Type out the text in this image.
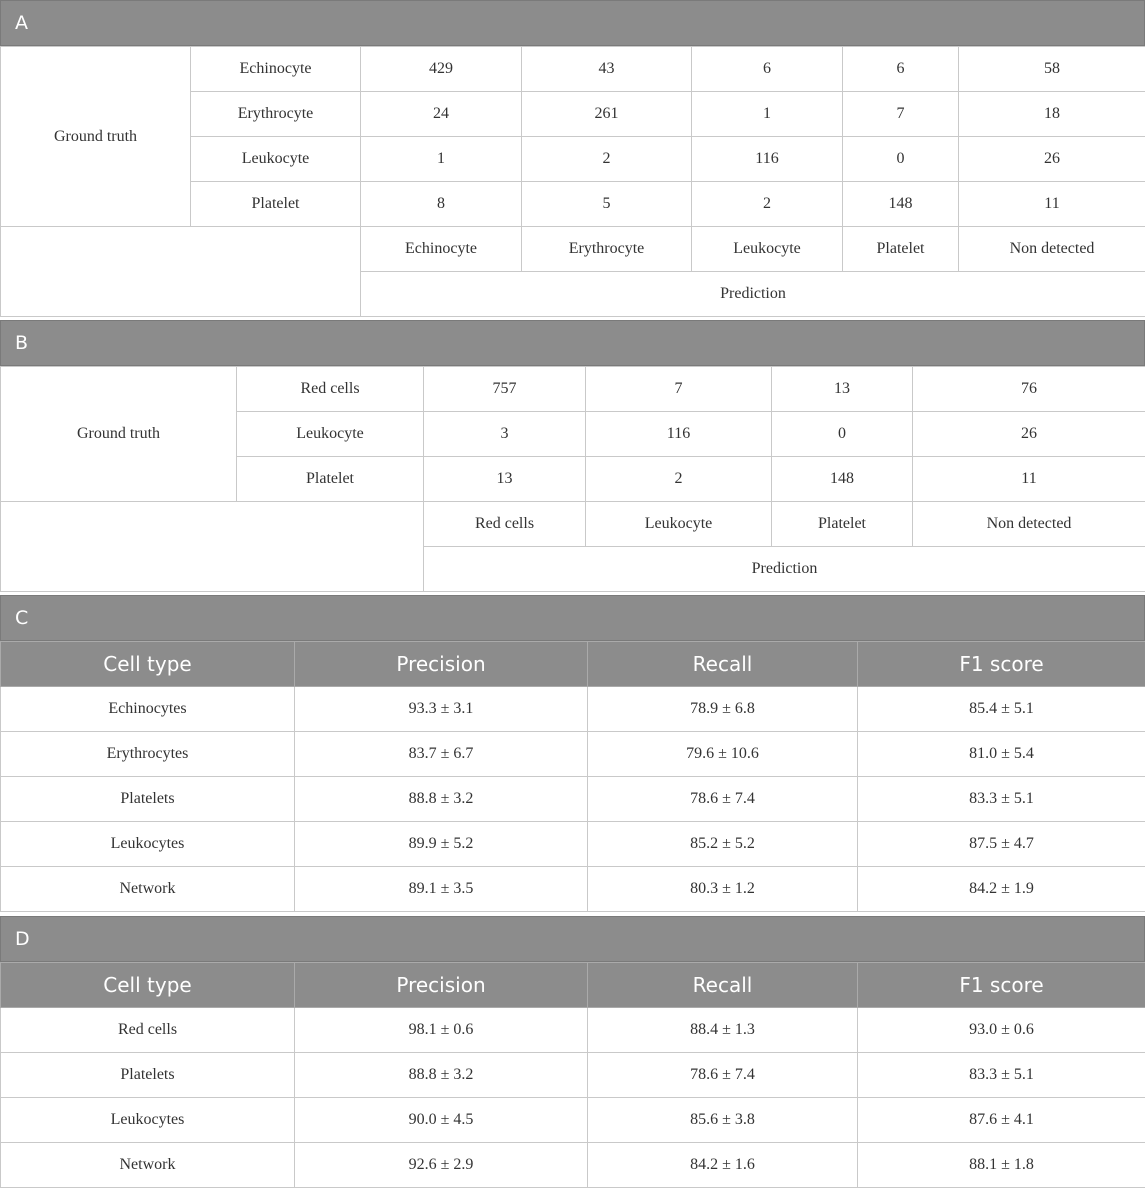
A
Ground truth	Echinocyte	429	43	6	6	58
	Erythrocyte	24	261	1	7	18
	Leukocyte	1	2	116	0	26
	Platelet	8	5	2	148	11
		Echinocyte	Erythrocyte	Leukocyte	Platelet	Non detected
		Prediction				
B
Ground truth	Red cells	757	7	13	76
	Leukocyte	3	116	0	26
	Platelet	13	2	148	11
		Red cells	Leukocyte	Platelet	Non detected
		Prediction			
C
Cell type	Precision	Recall	F1 score
Echinocytes	93.3 ± 3.1	78.9 ± 6.8	85.4 ± 5.1
Erythrocytes	83.7 ± 6.7	79.6 ± 10.6	81.0 ± 5.4
Platelets	88.8 ± 3.2	78.6 ± 7.4	83.3 ± 5.1
Leukocytes	89.9 ± 5.2	85.2 ± 5.2	87.5 ± 4.7
Network	89.1 ± 3.5	80.3 ± 1.2	84.2 ± 1.9
D
Cell type	Precision	Recall	F1 score
Red cells	98.1 ± 0.6	88.4 ± 1.3	93.0 ± 0.6
Platelets	88.8 ± 3.2	78.6 ± 7.4	83.3 ± 5.1
Leukocytes	90.0 ± 4.5	85.6 ± 3.8	87.6 ± 4.1
Network	92.6 ± 2.9	84.2 ± 1.6	88.1 ± 1.8
